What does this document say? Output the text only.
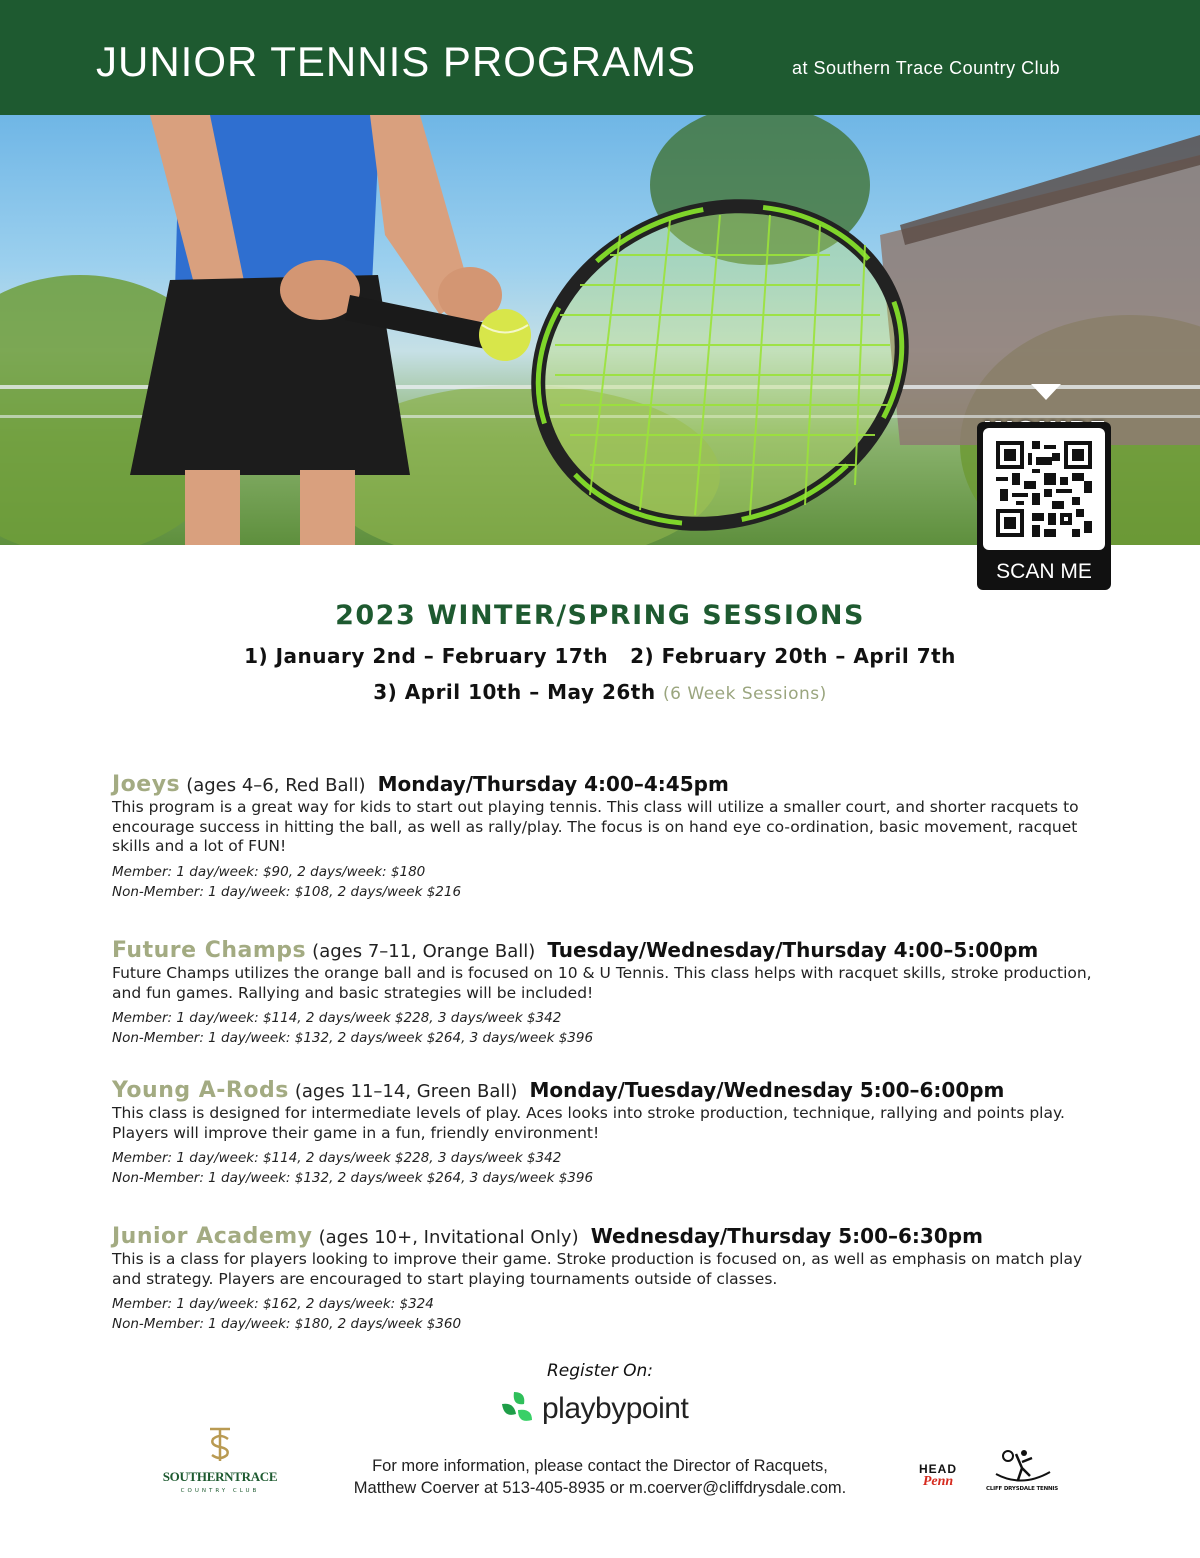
JUNIOR TENNIS PROGRAMS	at Southern Trace Country Club
SCAN ME
2023 WINTER/SPRING SESSIONS
1) January 2nd – February 17th 2) February 20th – April 7th
3) April 10th – May 26th (6 Week Sessions)
Joeys (ages 4–6, Red Ball) Monday/Thursday 4:00–4:45pm
This program is a great way for kids to start out playing tennis. This class will utilize a smaller court, and shorter racquets to encourage success in hitting the ball, as well as rally/play. The focus is on hand eye co-ordination, basic movement, racquet skills and a lot of FUN!
Member: 1 day/week: $90, 2 days/week: $180
Non-Member: 1 day/week: $108, 2 days/week $216
Future Champs (ages 7–11, Orange Ball) Tuesday/Wednesday/Thursday 4:00–5:00pm
Future Champs utilizes the orange ball and is focused on 10 & U Tennis. This class helps with racquet skills, stroke production, and fun games. Rallying and basic strategies will be included!
Member: 1 day/week: $114, 2 days/week $228, 3 days/week $342
Non-Member: 1 day/week: $132, 2 days/week $264, 3 days/week $396
Young A-Rods (ages 11–14, Green Ball) Monday/Tuesday/Wednesday 5:00–6:00pm
This class is designed for intermediate levels of play. Aces looks into stroke production, technique, rallying and points play. Players will improve their game in a fun, friendly environment!
Member: 1 day/week: $114, 2 days/week $228, 3 days/week $342
Non-Member: 1 day/week: $132, 2 days/week $264, 3 days/week $396
Junior Academy (ages 10+, Invitational Only) Wednesday/Thursday 5:00–6:30pm
This is a class for players looking to improve their game. Stroke production is focused on, as well as emphasis on match play and strategy. Players are encouraged to start playing tournaments outside of classes.
Member: 1 day/week: $162, 2 days/week: $324
Non-Member: 1 day/week: $180, 2 days/week $360
Register On:
playbypoint
SOUTHERNTRACE
COUNTRY CLUB
For more information, please contact the Director of Racquets,
Matthew Coerver at 513-405-8935 or m.coerver@cliffdrysdale.com.
HEAD
Penn	CLIFF DRYSDALE TENNIS
